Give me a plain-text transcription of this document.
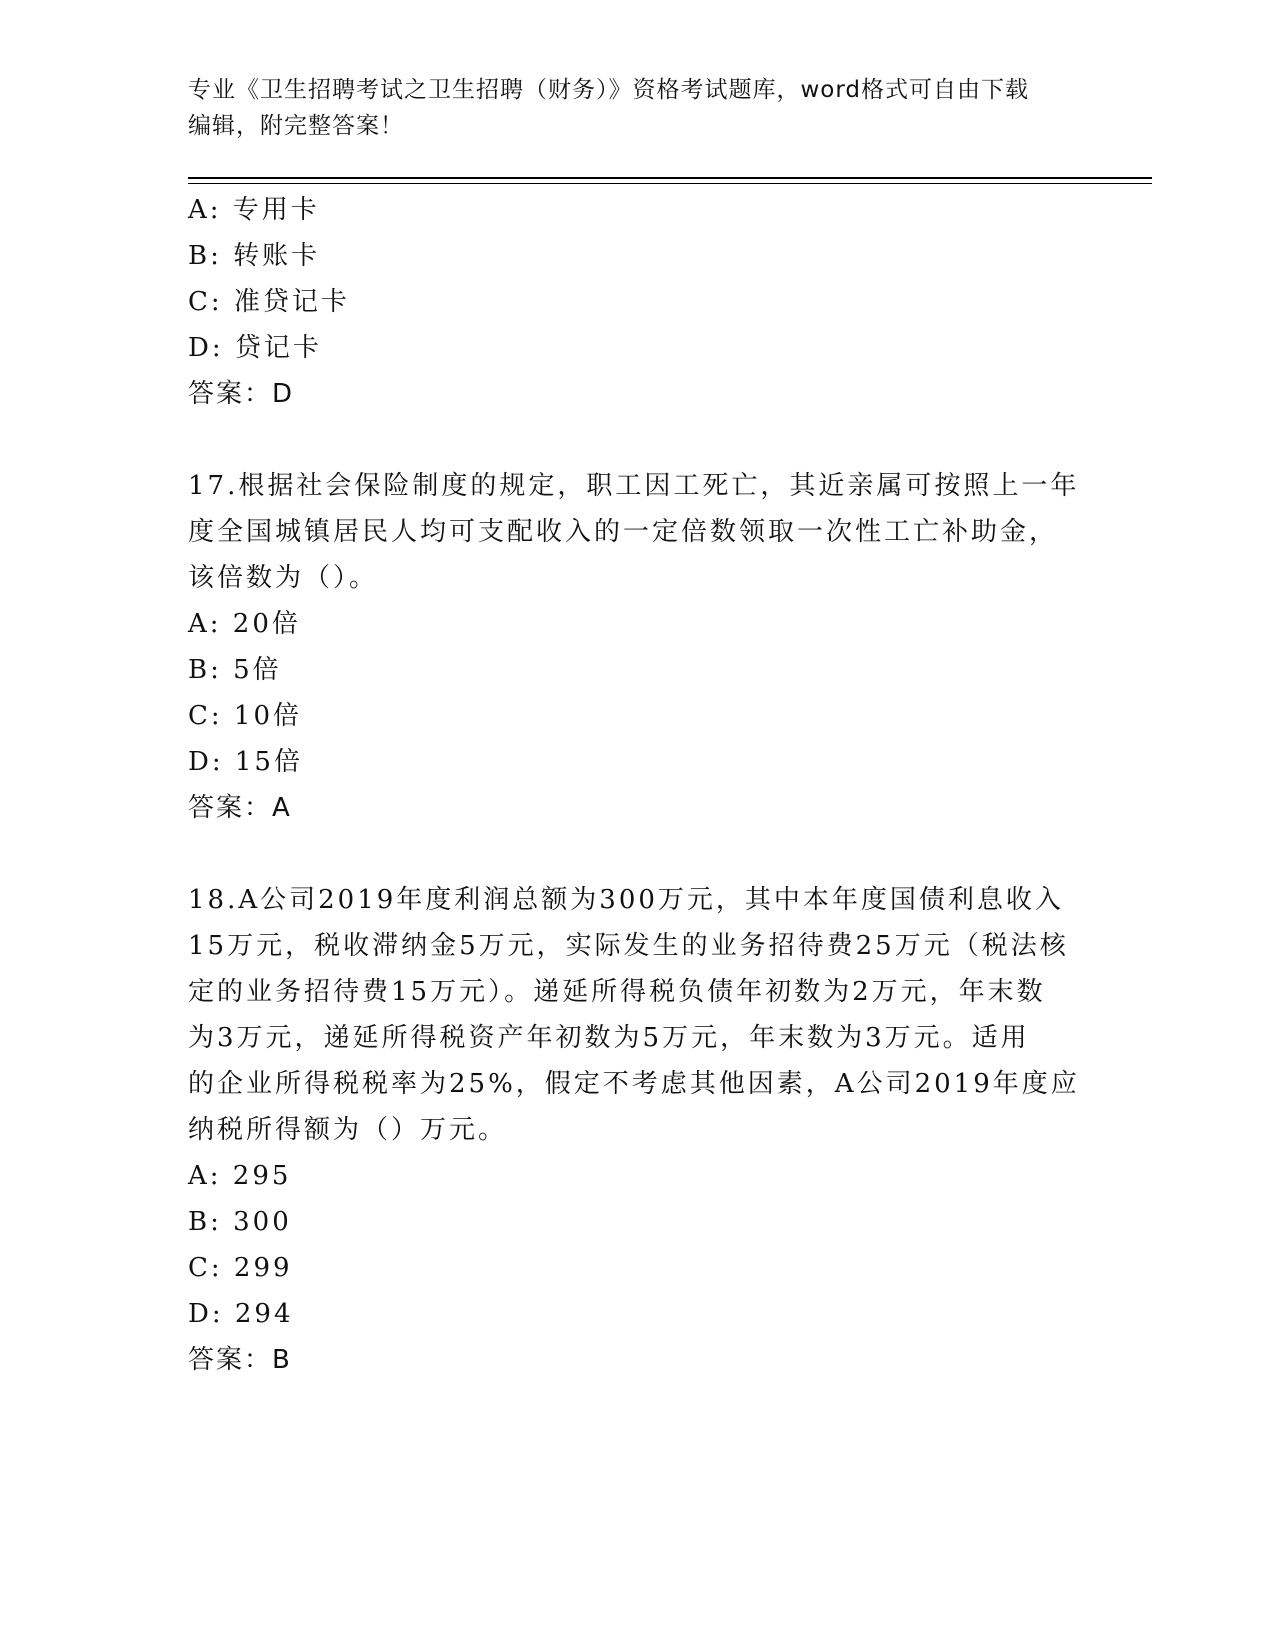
专业《卫生招聘考试之卫生招聘（财务）》资格考试题库，word格式可自由下载
编辑，附完整答案！
A: 专用卡
B: 转账卡
C: 准贷记卡
D: 贷记卡
答案：D

17.根据社会保险制度的规定，职工因工死亡，其近亲属可按照上一年

度全国城镇居民人均可支配收入的一定倍数领取一次性工亡补助金，

该倍数为（）。

A: 20倍
B: 5倍
C: 10倍
D: 15倍
答案：A

18.A公司2019年度利润总额为300万元，其中本年度国债利息收入

15万元，税收滞纳金5万元，实际发生的业务招待费25万元（税法核

定的业务招待费15万元）。递延所得税负债年初数为2万元，年末数

为3万元，递延所得税资产年初数为5万元，年末数为3万元。适用

的企业所得税税率为25%，假定不考虑其他因素，A公司2019年度应

纳税所得额为（）万元。

A: 295
B: 300
C: 299
D: 294
答案：B
